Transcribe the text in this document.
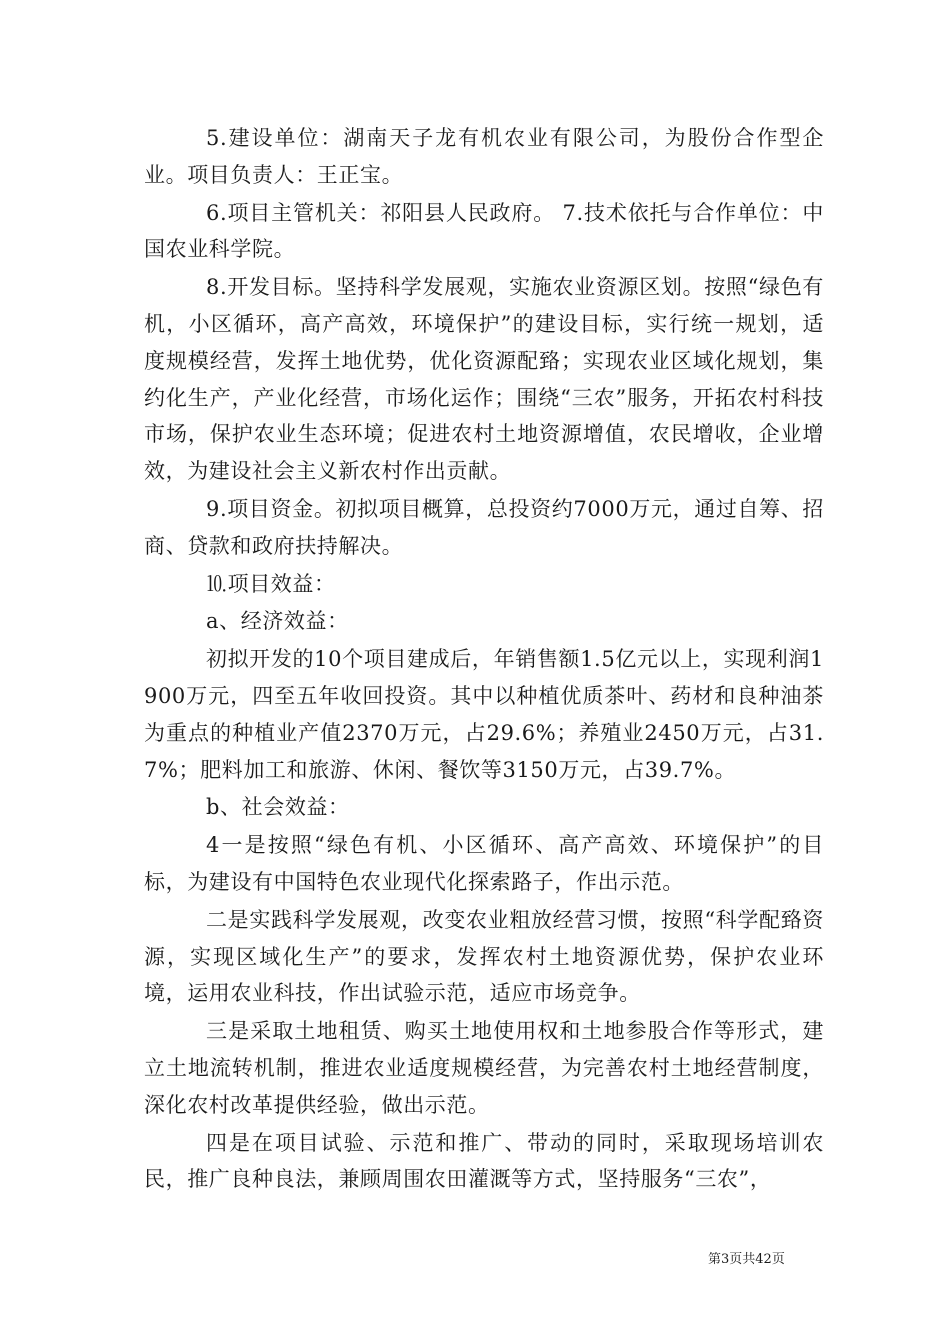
5.建设单位：湖南天子龙有机农业有限公司，为股份合作型企业。项目负责人：王正宝。

6.项目主管机关：祁阳县人民政府。 7.技术依托与合作单位：中国农业科学院。

8.开发目标。坚持科学发展观，实施农业资源区划。按照“绿色有机，小区循环，高产高效，环境保护”的建设目标，实行统一规划，适度规模经营，发挥土地优势，优化资源配臵；实现农业区域化规划，集约化生产，产业化经营，市场化运作；围绕“三农”服务，开拓农村科技市场，保护农业生态环境；促进农村土地资源增值，农民增收，企业增效，为建设社会主义新农村作出贡献。

9.项目资金。初拟项目概算，总投资约7000万元，通过自筹、招商、贷款和政府扶持解决。

⒑项目效益：

a、经济效益：

初拟开发的10个项目建成后，年销售额1.5亿元以上，实现利润1900万元，四至五年收回投资。其中以种植优质茶叶、药材和良种油茶为重点的种植业产值2370万元，占29.6%；养殖业2450万元，占31.7%；肥料加工和旅游、休闲、餐饮等3150万元，占39.7%。

b、社会效益：

4一是按照“绿色有机、小区循环、高产高效、环境保护”的目标，为建设有中国特色农业现代化探索路子，作出示范。

二是实践科学发展观，改变农业粗放经营习惯，按照“科学配臵资源，实现区域化生产”的要求，发挥农村土地资源优势，保护农业环境，运用农业科技，作出试验示范，适应市场竞争。

三是采取土地租赁、购买土地使用权和土地参股合作等形式，建立土地流转机制，推进农业适度规模经营，为完善农村土地经营制度，深化农村改革提供经验，做出示范。

四是在项目试验、示范和推广、带动的同时，采取现场培训农民，推广良种良法，兼顾周围农田灌溉等方式，坚持服务“三农”，

第3页共42页
